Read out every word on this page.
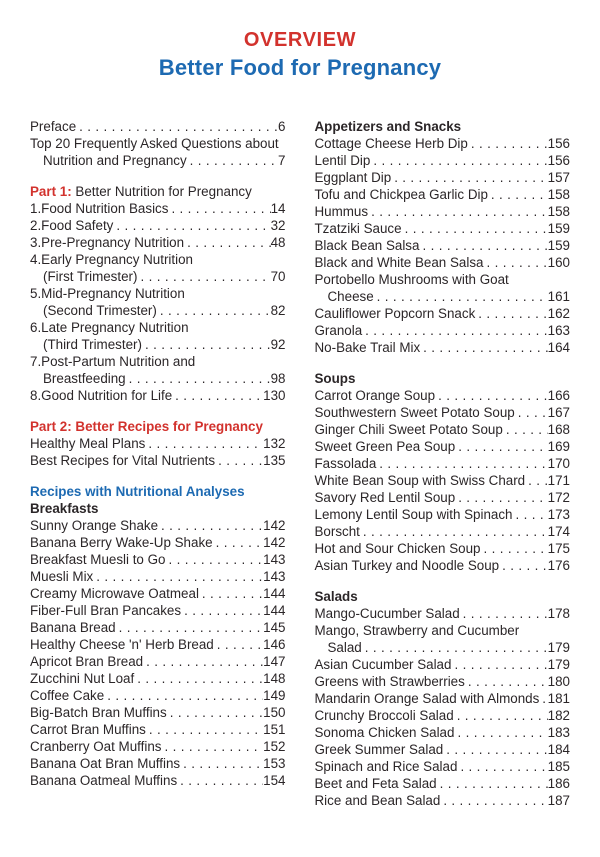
OVERVIEW
Better Food for Pregnancy
Preface .....	6
Top 20 Frequently Asked Questions about
Nutrition and Pregnancy .....	7
Part 1: Better Nutrition for Pregnancy
1.Food Nutrition Basics .....	14
2.Food Safety .....	32
3.Pre-Pregnancy Nutrition .....	48
4.Early Pregnancy Nutrition
(First Trimester) .....	70
5.Mid-Pregnancy Nutrition
(Second Trimester) .....	82
6.Late Pregnancy Nutrition
(Third Trimester) .....	92
7.Post-Partum Nutrition and
Breastfeeding .....	98
8.Good Nutrition for Life .....	130
Part 2: Better Recipes for Pregnancy
Healthy Meal Plans .....	132
Best Recipes for Vital Nutrients .....	135
Recipes with Nutritional Analyses
Breakfasts
Sunny Orange Shake .....	142
Banana Berry Wake-Up Shake .....	142
Breakfast Muesli to Go .....	143
Muesli Mix .....	143
Creamy Microwave Oatmeal .....	144
Fiber-Full Bran Pancakes .....	144
Banana Bread .....	145
Healthy Cheese 'n' Herb Bread .....	146
Apricot Bran Bread .....	147
Zucchini Nut Loaf .....	148
Coffee Cake .....	149
Big-Batch Bran Muffins .....	150
Carrot Bran Muffins .....	151
Cranberry Oat Muffins .....	152
Banana Oat Bran Muffins .....	153
Banana Oatmeal Muffins .....	154
Appetizers and Snacks
Cottage Cheese Herb Dip .....	156
Lentil Dip .....	156
Eggplant Dip .....	157
Tofu and Chickpea Garlic Dip .....	158
Hummus .....	158
Tzatziki Sauce .....	159
Black Bean Salsa .....	159
Black and White Bean Salsa .....	160
Portobello Mushrooms with Goat
Cheese .....	161
Cauliflower Popcorn Snack .....	162
Granola .....	163
No-Bake Trail Mix .....	164
Soups
Carrot Orange Soup .....	166
Southwestern Sweet Potato Soup ..... 167
Ginger Chili Sweet Potato Soup .....	168
Sweet Green Pea Soup .....	169
Fassolada .....	170
White Bean Soup with Swiss Chard ..... 171
Savory Red Lentil Soup .....	172
Lemony Lentil Soup with Spinach .....	173
Borscht .....	174
Hot and Sour Chicken Soup .....	175
Asian Turkey and Noodle Soup .....	176
Salads
Mango-Cucumber Salad .....	178
Mango, Strawberry and Cucumber
Salad .....	179
Asian Cucumber Salad .....	179
Greens with Strawberries .....	180
Mandarin Orange Salad with Almonds ..... 181
Crunchy Broccoli Salad .....	182
Sonoma Chicken Salad .....	183
Greek Summer Salad .....	184
Spinach and Rice Salad .....	185
Beet and Feta Salad .....	186
Rice and Bean Salad .....	187
